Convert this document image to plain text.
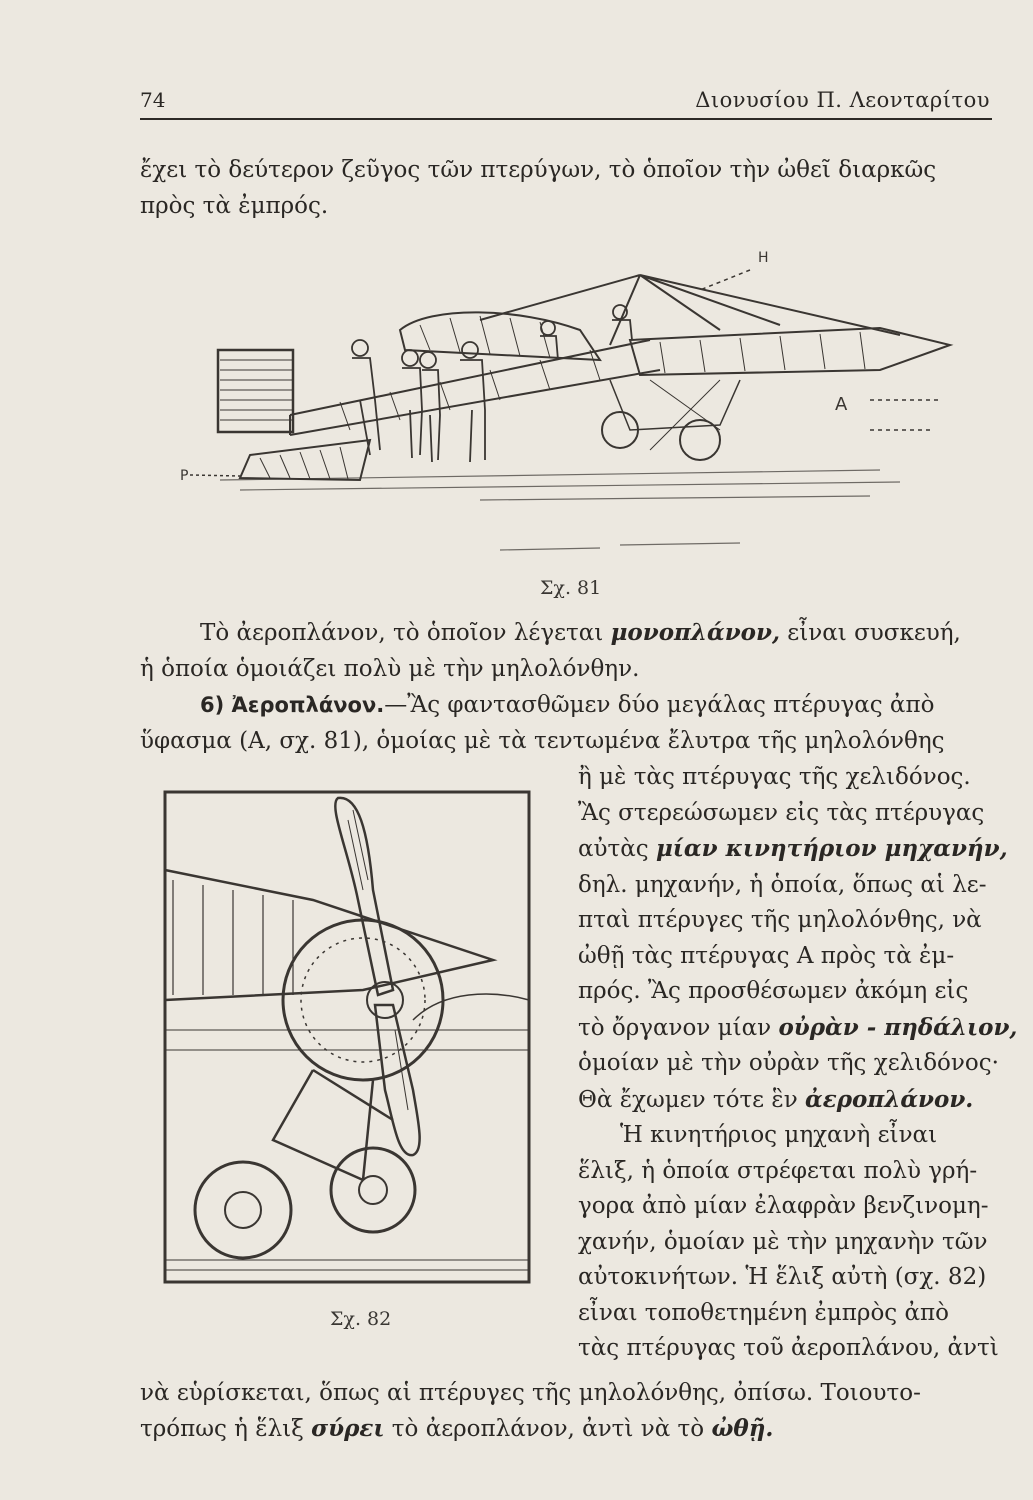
74	Διονυσίου Π. Λεονταρίτου
ἔχει τὸ δεύτερον ζεῦγος τῶν πτερύγων, τὸ ὁποῖον τὴν ὠθεῖ διαρκῶς
πρὸς τὰ ἐμπρός.
H
A
P
Σχ. 81
Τὸ ἀεροπλάνον, τὸ ὁποῖον λέγεται μονοπλάνον, εἶναι συσκευή,
ἡ ὁποία ὁμοιάζει πολὺ μὲ τὴν μηλολόνθην.
6) Ἀεροπλάνον.—Ἂς φαντασθῶμεν δύο μεγάλας πτέρυγας ἀπὸ
ὕφασμα (Α, σχ. 81), ὁμοίας μὲ τὰ τεντωμένα ἔλυτρα τῆς μηλολόνθης
Σχ. 82
ἢ μὲ τὰς πτέρυγας τῆς χελιδόνος.
Ἂς στερεώσωμεν εἰς τὰς πτέρυγας
αὐτὰς μίαν κινητήριον μηχανήν,
δηλ. μηχανήν, ἡ ὁποία, ὅπως αἱ λε-
πταὶ πτέρυγες τῆς μηλολόνθης, νὰ
ὠθῇ τὰς πτέρυγας Α πρὸς τὰ ἐμ-
πρός. Ἂς προσθέσωμεν ἀκόμη εἰς
τὸ ὄργανον μίαν οὐρὰν - πηδάλιον,
ὁμοίαν μὲ τὴν οὐρὰν τῆς χελιδόνος·
Θὰ ἔχωμεν τότε ἓν ἀεροπλάνον.
Ἡ κινητήριος μηχανὴ εἶναι
ἕλιξ, ἡ ὁποία στρέφεται πολὺ γρή-
γορα ἀπὸ μίαν ἐλαφρὰν βενζινομη-
χανήν, ὁμοίαν μὲ τὴν μηχανὴν τῶν
αὐτοκινήτων. Ἡ ἕλιξ αὐτὴ (σχ. 82)
εἶναι τοποθετημένη ἐμπρὸς ἀπὸ
τὰς πτέρυγας τοῦ ἀεροπλάνου, ἀντὶ
νὰ εὑρίσκεται, ὅπως αἱ πτέρυγες τῆς μηλολόνθης, ὀπίσω. Τοιουτο-
τρόπως ἡ ἕλιξ σύρει τὸ ἀεροπλάνον, ἀντὶ νὰ τὸ ὠθῇ.
